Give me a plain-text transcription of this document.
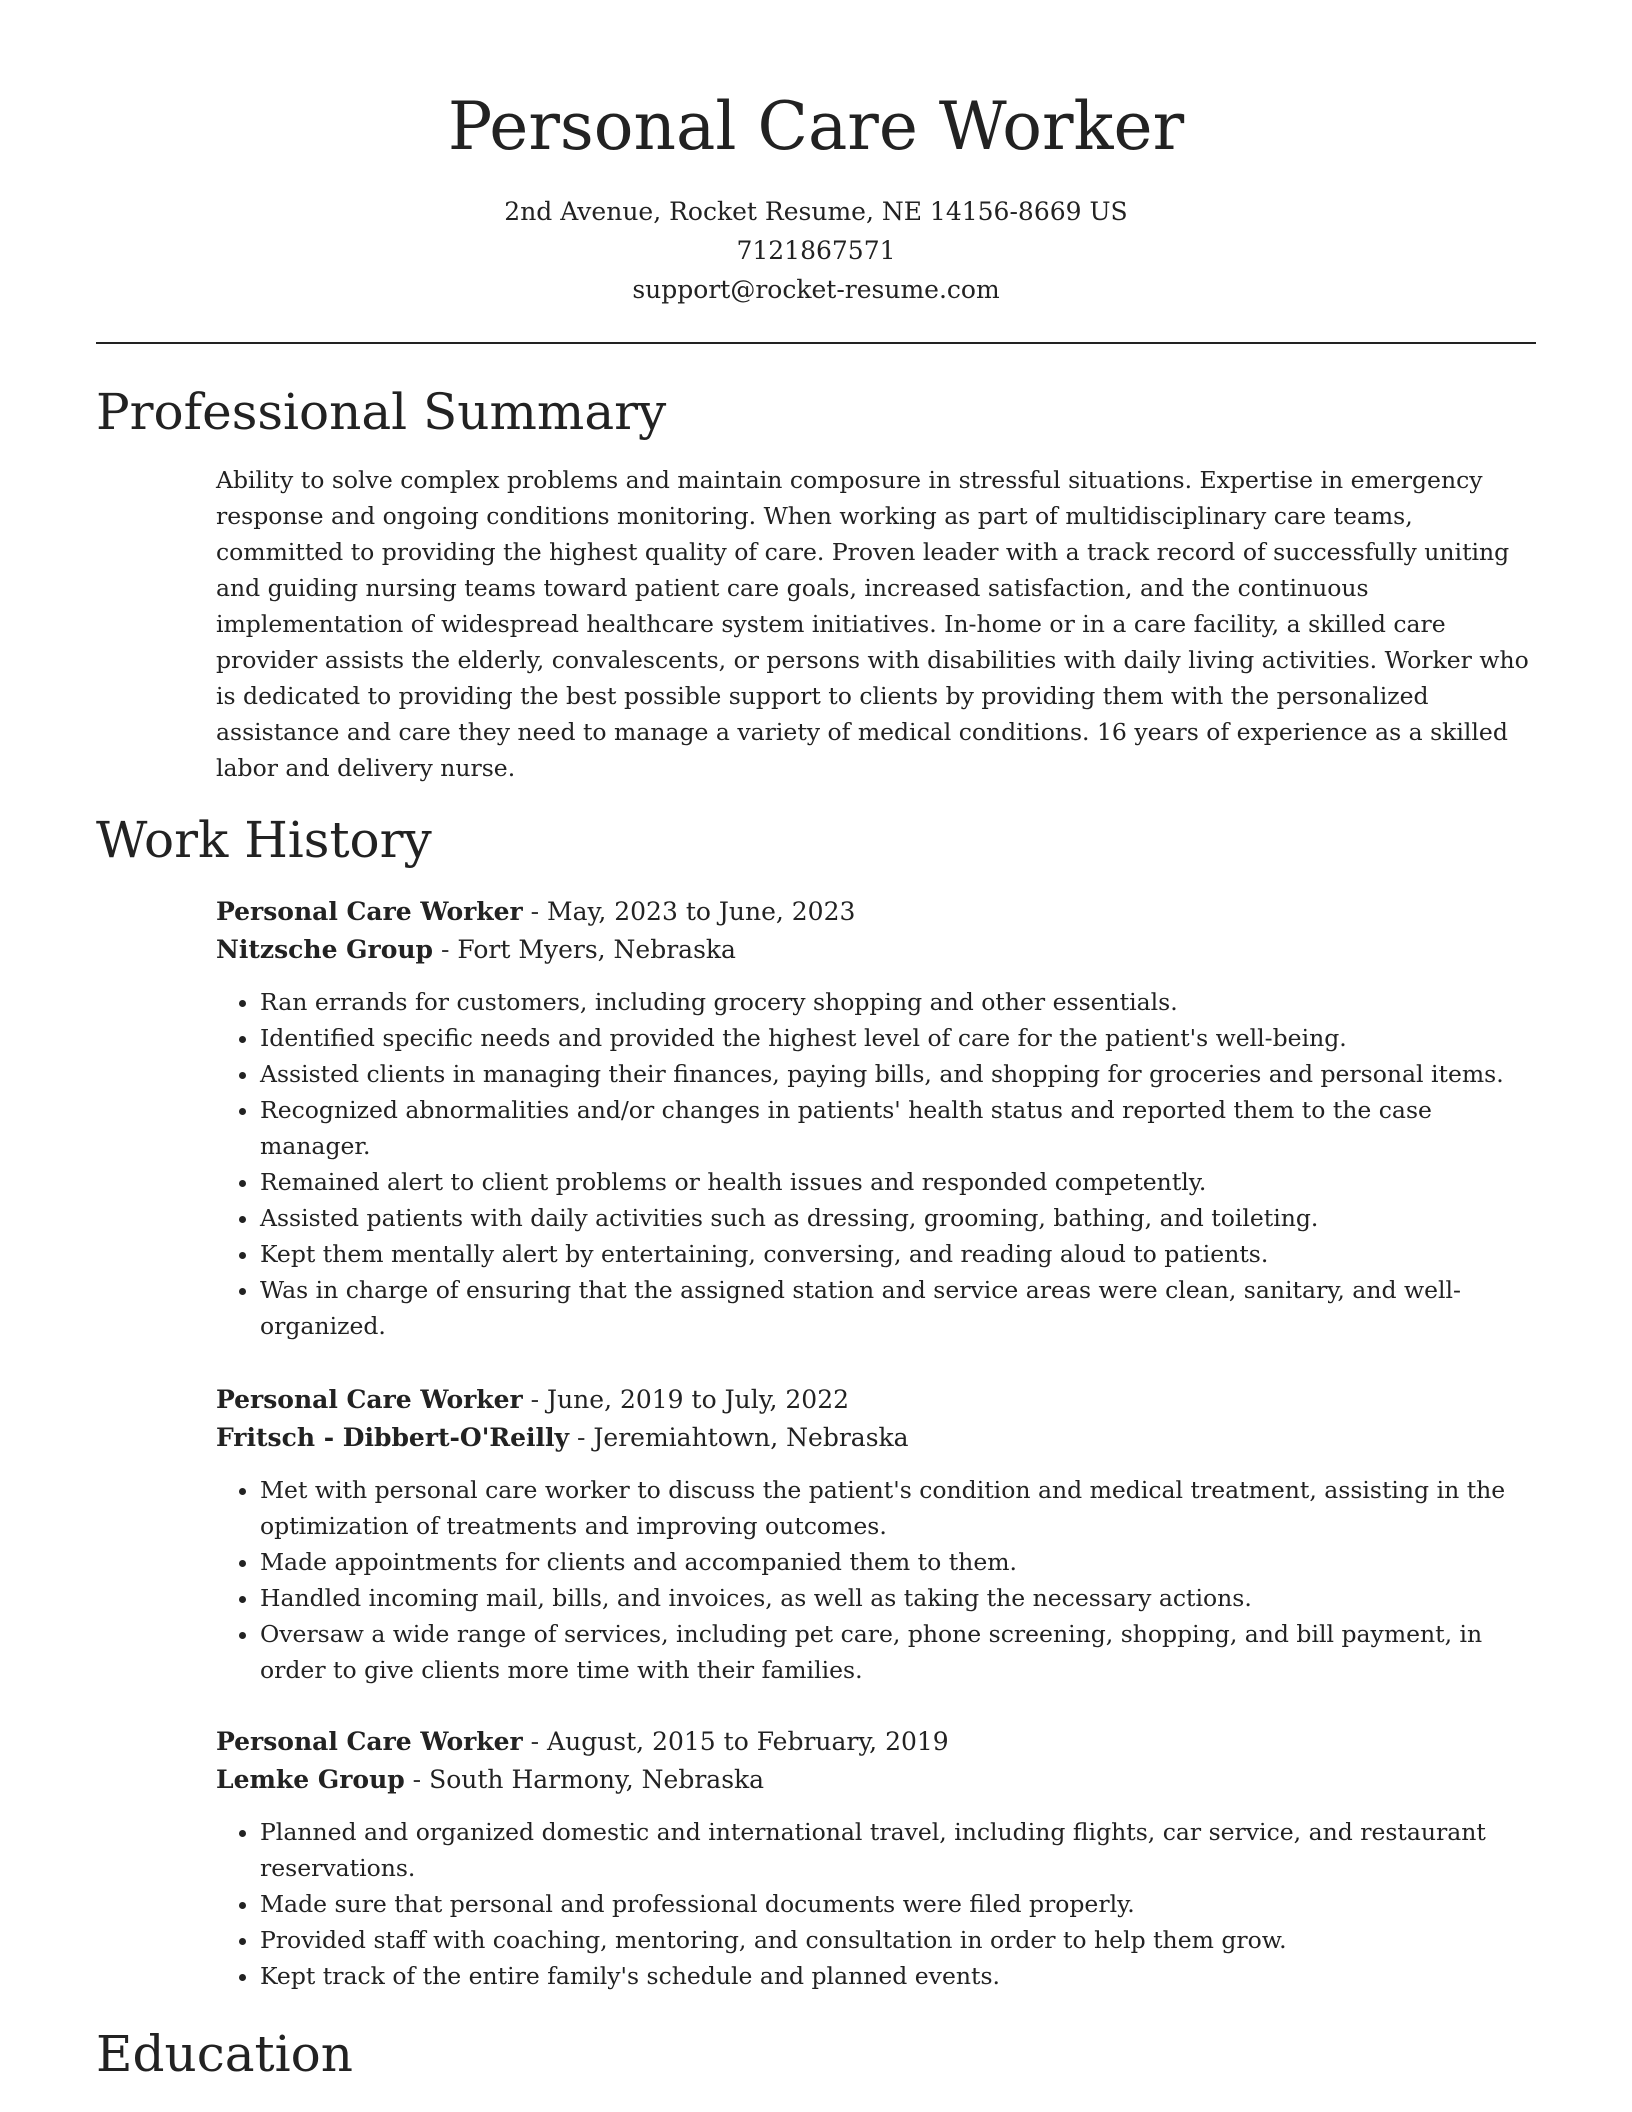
Personal Care Worker
2nd Avenue, Rocket Resume, NE 14156-8669 US
7121867571
support@rocket-resume.com
Professional Summary

Ability to solve complex problems and maintain composure in stressful situations. Expertise in emergency response and ongoing conditions monitoring. When working as part of multidisciplinary care teams, committed to providing the highest quality of care. Proven leader with a track record of successfully uniting and guiding nursing teams toward patient care goals, increased satisfaction, and the continuous implementation of widespread healthcare system initiatives. In-home or in a care facility, a skilled care provider assists the elderly, convalescents, or persons with disabilities with daily living activities. Worker who is dedicated to providing the best possible support to clients by providing them with the personalized assistance and care they need to manage a variety of medical conditions. 16 years of experience as a skilled labor and delivery nurse.

Work History
Personal Care Worker - May, 2023 to June, 2023
Nitzsche Group - Fort Myers, Nebraska
• Ran errands for customers, including grocery shopping and other essentials.
• Identified specific needs and provided the highest level of care for the patient's well-being.
• Assisted clients in managing their finances, paying bills, and shopping for groceries and personal items.
• Recognized abnormalities and/or changes in patients' health status and reported them to the case manager.
• Remained alert to client problems or health issues and responded competently.
• Assisted patients with daily activities such as dressing, grooming, bathing, and toileting.
• Kept them mentally alert by entertaining, conversing, and reading aloud to patients.
• Was in charge of ensuring that the assigned station and service areas were clean, sanitary, and well-organized.
Personal Care Worker - June, 2019 to July, 2022
Fritsch - Dibbert-O'Reilly - Jeremiahtown, Nebraska
• Met with personal care worker to discuss the patient's condition and medical treatment, assisting in the optimization of treatments and improving outcomes.
• Made appointments for clients and accompanied them to them.
• Handled incoming mail, bills, and invoices, as well as taking the necessary actions.
• Oversaw a wide range of services, including pet care, phone screening, shopping, and bill payment, in order to give clients more time with their families.
Personal Care Worker - August, 2015 to February, 2019
Lemke Group - South Harmony, Nebraska
• Planned and organized domestic and international travel, including flights, car service, and restaurant reservations.
• Made sure that personal and professional documents were filed properly.
• Provided staff with coaching, mentoring, and consultation in order to help them grow.
• Kept track of the entire family's schedule and planned events.
Education
